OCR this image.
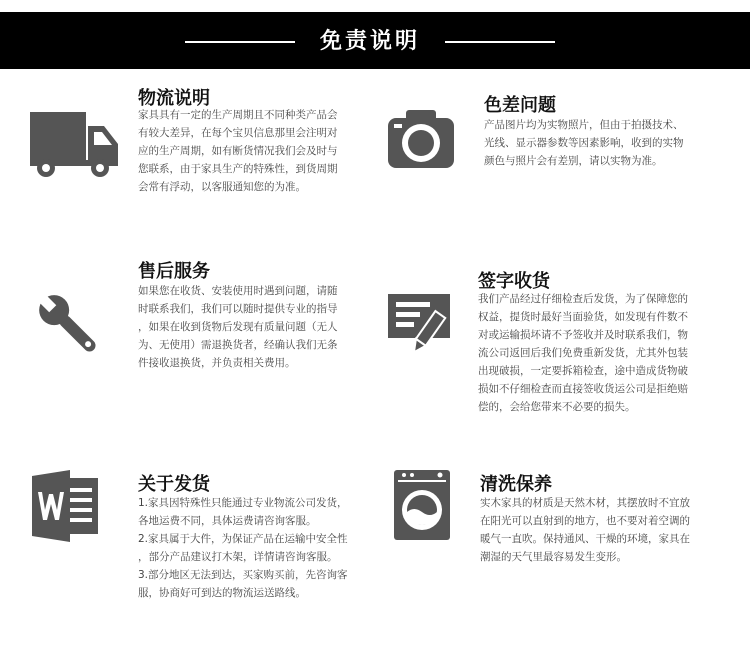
免责说明
物流说明
家具具有一定的生产周期且不同种类产品会
有较大差异，在每个宝贝信息那里会注明对
应的生产周期，如有断货情况我们会及时与
您联系，由于家具生产的特殊性，到货周期
会常有浮动，以客服通知您的为准。
色差问题
产品图片均为实物照片，但由于拍摄技术、
光线、显示器参数等因素影响，收到的实物
颜色与照片会有差别，请以实物为准。
售后服务
如果您在收货、安装使用时遇到问题，请随
时联系我们，我们可以随时提供专业的指导
，如果在收到货物后发现有质量问题（无人
为、无使用）需退换货者，经确认我们无条
件接收退换货，并负责相关费用。
签字收货
我们产品经过仔细检查后发货，为了保障您的
权益，提货时最好当面验货，如发现有件数不
对或运输损坏请不予签收并及时联系我们，物
流公司返回后我们免费重新发货，尤其外包装
出现破损，一定要拆箱检查，途中造成货物破
损如不仔细检查而直接签收货运公司是拒绝赔
偿的，会给您带来不必要的损失。
关于发货
1.家具因特殊性只能通过专业物流公司发货，
各地运费不同，具体运费请咨询客服。
2.家具属于大件，为保证产品在运输中安全性
，部分产品建议打木架，详情请咨询客服。
3.部分地区无法到达，买家购买前，先咨询客
服，协商好可到达的物流运送路线。
清洗保养
实木家具的材质是天然木材，其摆放时不宜放
在阳光可以直射到的地方，也不要对着空调的
暖气一直吹。保持通风、干燥的环境，家具在
潮湿的天气里最容易发生变形。
